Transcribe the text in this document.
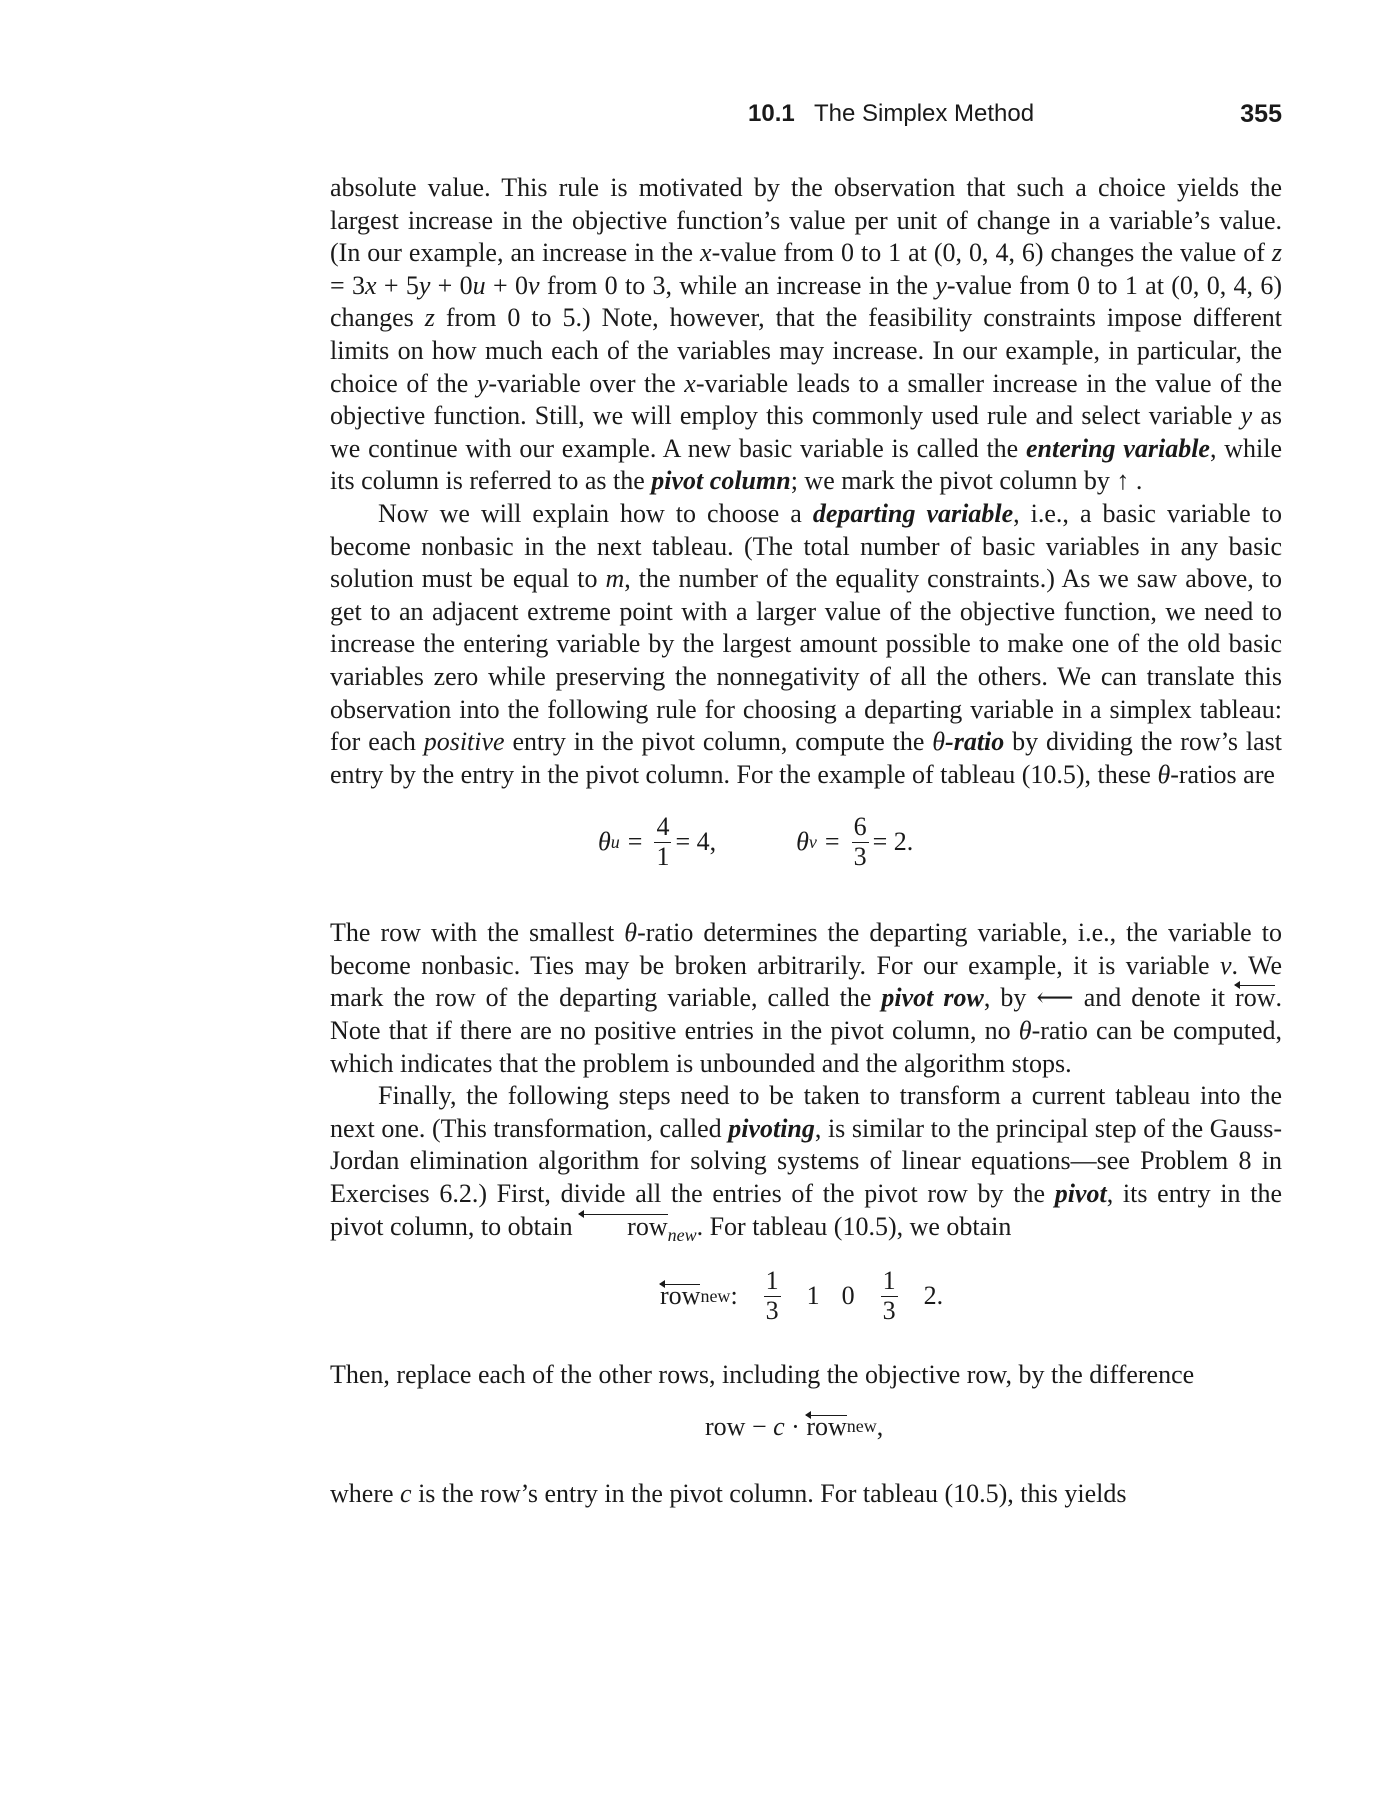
10.1 The Simplex Method	355

absolute value. This rule is motivated by the observation that such a choice yields the largest increase in the objective function’s value per unit of change in a variable’s value. (In our example, an increase in the x-value from 0 to 1 at (0, 0, 4, 6) changes the value of z = 3x + 5y + 0u + 0v from 0 to 3, while an increase in the y-value from 0 to 1 at (0, 0, 4, 6) changes z from 0 to 5.) Note, however, that the feasibility constraints impose different limits on how much each of the variables may increase. In our example, in particular, the choice of the y-variable over the x-variable leads to a smaller increase in the value of the objective function. Still, we will employ this commonly used rule and select variable y as we continue with our example. A new basic variable is called the entering variable, while its column is referred to as the pivot column; we mark the pivot column by ↑ .

Now we will explain how to choose a departing variable, i.e., a basic variable to become nonbasic in the next tableau. (The total number of basic variables in any basic solution must be equal to m, the number of the equality constraints.) As we saw above, to get to an adjacent extreme point with a larger value of the objective function, we need to increase the entering variable by the largest amount possible to make one of the old basic variables zero while preserving the nonnegativity of all the others. We can translate this observation into the following rule for choosing a departing variable in a simplex tableau: for each positive entry in the pivot column, compute the θ-ratio by dividing the row’s last entry by the entry in the pivot column. For the example of tableau (10.5), these θ-ratios are

θ $u = \frac{4}{1} = 4$,	θ $v = \frac{6}{3} = 2$.

The row with the smallest θ-ratio determines the departing variable, i.e., the variable to become nonbasic. Ties may be broken arbitrarily. For our example, it is variable v. We mark the row of the departing variable, called the pivot row, by ⟵ and denote it row. Note that if there are no positive entries in the pivot column, no θ-ratio can be computed, which indicates that the problem is unbounded and the algorithm stops.

Finally, the following steps need to be taken to transform a current tableau into the next one. (This transformation, called pivoting, is similar to the principal step of the Gauss-Jordan elimination algorithm for solving systems of linear equations—see Problem 8 in Exercises 6.2.) First, divide all the entries of the pivot row by the pivot, its entry in the pivot column, to obtain row$_{new}$. For tableau (10.5), we obtain

row new : $\frac{1}{3} 1$ $0 \frac{1}{3} 2$.

Then, replace each of the other rows, including the objective row, by the difference

row − c · row new ,

where c is the row’s entry in the pivot column. For tableau (10.5), this yields
